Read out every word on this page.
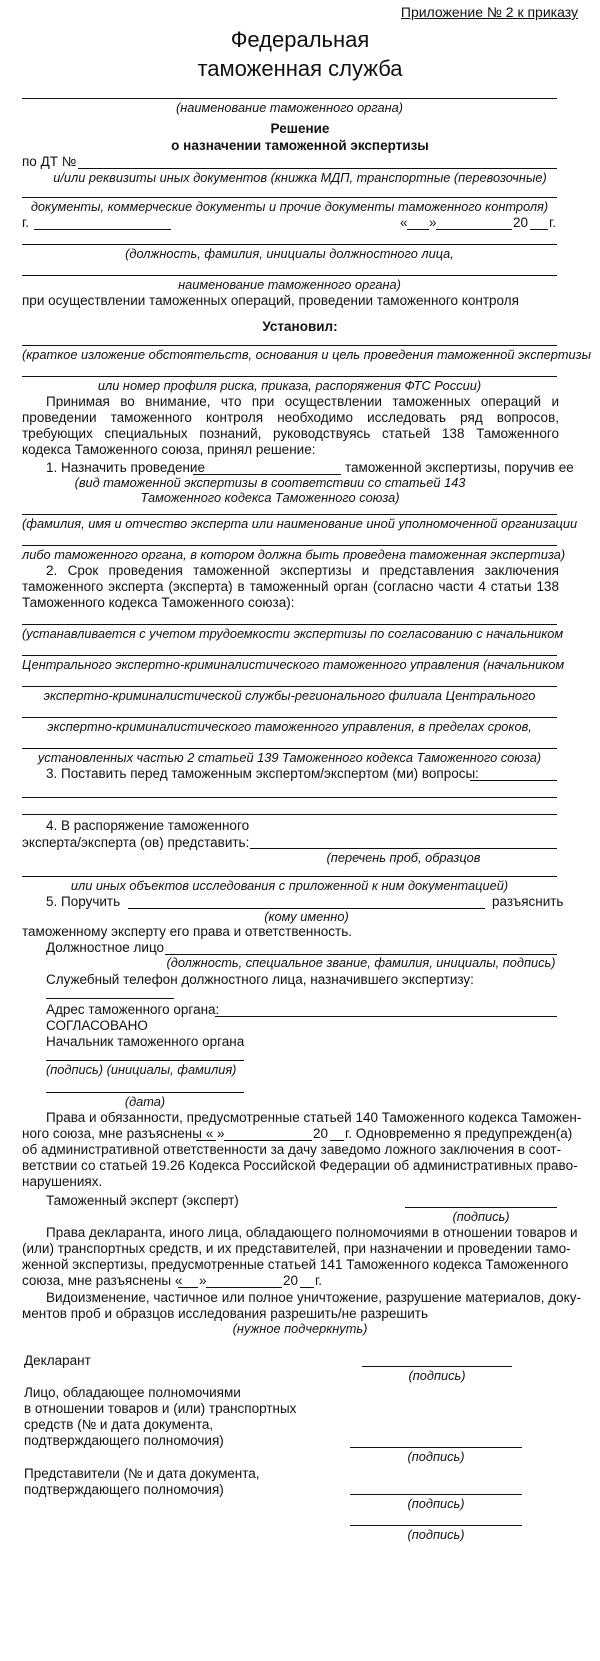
Приложение № 2 к приказу
Федеральная
таможенная служба
(наименование таможенного органа)
Решение
о назначении таможенной экспертизы
по ДТ №
и/или реквизиты иных документов (книжка МДП, транспортные (перевозочные)
документы, коммерческие документы и прочие документы таможенного контроля)
г.	« »	20 г.
(должность, фамилия, инициалы должностного лица,
наименование таможенного органа)
при осуществлении таможенных операций, проведении таможенного контроля
Установил:
(краткое изложение обстоятельств, основания и цель проведения таможенной экспертизы
или номер профиля риска, приказа, распоряжения ФТС России)
Принимая во внимание, что при осуществлении таможенных операций и проведении таможенного контроля необходимо исследовать ряд вопросов, требующих специальных познаний, руководствуясь статьей 138 Таможенного кодекса Таможенного союза, принял решение:
1. Назначить проведение	таможенной экспертизы, поручив ее
(вид таможенной экспертизы в соответствии со статьей 143
Таможенного кодекса Таможенного союза)
(фамилия, имя и отчество эксперта или наименование иной уполномоченной организации
либо таможенного органа, в котором должна быть проведена таможенная экспертиза)
2. Срок проведения таможенной экспертизы и представления заключения таможенного эксперта (эксперта) в таможенный орган (согласно части 4 статьи 138 Таможенного кодекса Таможенного союза):
(устанавливается с учетом трудоемкости экспертизы по согласованию с начальником
Центрального экспертно-криминалистического таможенного управления (начальником
экспертно-криминалистической службы-регионального филиала Центрального
экспертно-криминалистического таможенного управления, в пределах сроков,
установленных частью 2 статьей 139 Таможенного кодекса Таможенного союза)
3. Поставить перед таможенным экспертом/экспертом (ми) вопросы:
4. В распоряжение таможенного
эксперта/эксперта (ов) представить:
(перечень проб, образцов
или иных объектов исследования с приложенной к ним документацией)
5. Поручить	разъяснить
(кому именно)
таможенному эксперту его права и ответственность.
Должностное лицо
(должность, специальное звание, фамилия, инициалы, подпись)
Служебный телефон должностного лица, назначившего экспертизу:
Адрес таможенного органа:
СОГЛАСОВАНО
Начальник таможенного органа
(подпись) (инициалы, фамилия)
(дата)
Права и обязанности, предусмотренные статьей 140 Таможенного кодекса Таможен-
ного союза, мне разъяснены « »	20 г. Одновременно я предупрежден(а)
об административной ответственности за дачу заведомо ложного заключения в соот-
ветствии со статьей 19.26 Кодекса Российской Федерации об административных право-
нарушениях.
Таможенный эксперт (эксперт)
(подпись)
Права декларанта, иного лица, обладающего полномочиями в отношении товаров и
(или) транспортных средств, и их представителей, при назначении и проведении тамо-
женной экспертизы, предусмотренные статьей 141 Таможенного кодекса Таможенного
союза, мне разъяснены « »	20 г.
Видоизменение, частичное или полное уничтожение, разрушение материалов, доку-
ментов проб и образцов исследования разрешить/не разрешить
(нужное подчеркнуть)
Декларант
(подпись)
Лицо, обладающее полномочиями
в отношении товаров и (или) транспортных
средств (№ и дата документа,
подтверждающего полномочия)
(подпись)
Представители (№ и дата документа,
подтверждающего полномочия)
(подпись)
(подпись)
